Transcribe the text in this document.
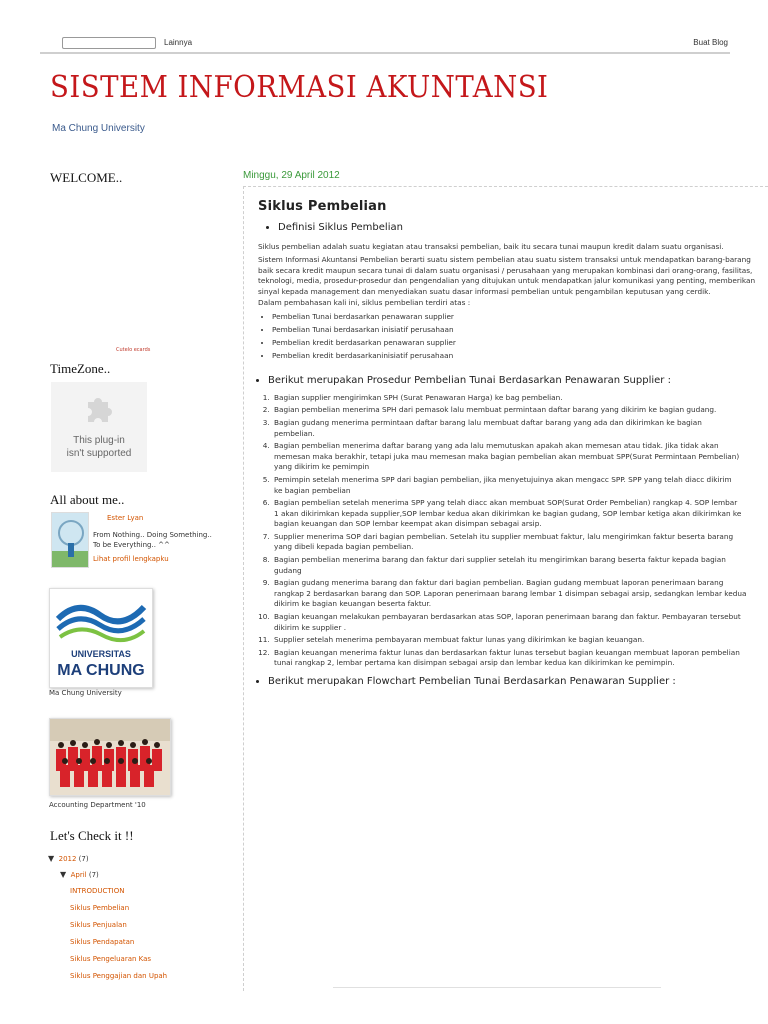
Lainnya	Buat Blog
SISTEM INFORMASI AKUNTANSI
Ma Chung University
WELCOME..
Cutelo ecards
TimeZone..
This plug-in
isn't supported
All about me..
Ester Lyan
From Nothing.. Doing Something..
To be Everything.. ^^
Lihat profil lengkapku
UNIVERSITAS
MA CHUNG
Ma Chung University
Accounting Department '10
Let's Check it !!
▼ 2012 (7)
▼ April (7)
INTRODUCTION
Siklus Pembelian
Siklus Penjualan
Siklus Pendapatan
Siklus Pengeluaran Kas
Siklus Penggajian dan Upah
Minggu, 29 April 2012
Siklus Pembelian
• Definisi Siklus Pembelian
Siklus pembelian adalah suatu kegiatan atau transaksi pembelian, baik itu secara tunai maupun kredit dalam suatu organisasi.
Sistem Informasi Akuntansi Pembelian berarti suatu sistem pembelian atau suatu sistem transaksi untuk mendapatkan barang-barang
baik secara kredit maupun secara tunai di dalam suatu organisasi / perusahaan yang merupakan kombinasi dari orang-orang, fasilitas,
teknologi, media, prosedur-prosedur dan pengendalian yang ditujukan untuk mendapatkan jalur komunikasi yang penting, memberikan
sinyal kepada management dan menyediakan suatu dasar informasi pembelian untuk pengambilan keputusan yang cerdik.
Dalam pembahasan kali ini, siklus pembelian terdiri atas :
• Pembelian Tunai berdasarkan penawaran supplier
• Pembelian Tunai berdasarkan inisiatif perusahaan
• Pembelian kredit berdasarkan penawaran supplier
• Pembelian kredit berdasarkaninisiatif perusahaan
• Berikut merupakan Prosedur Pembelian Tunai Berdasarkan Penawaran Supplier :
1. Bagian supplier mengirimkan SPH (Surat Penawaran Harga) ke bag pembelian.
2. Bagian pembelian menerima SPH dari pemasok lalu membuat permintaan daftar barang yang dikirim ke bagian gudang.
3. Bagian gudang menerima permintaan daftar barang lalu membuat daftar barang yang ada dan dikirimkan ke bagian
pembelian.
4. Bagian pembelian menerima daftar barang yang ada lalu memutuskan apakah akan memesan atau tidak. Jika tidak akan
memesan maka berakhir, tetapi juka mau memesan maka bagian pembelian akan membuat SPP(Surat Permintaan Pembelian)
yang dikirim ke pemimpin
5. Pemimpin setelah menerima SPP dari bagian pembelian, jika menyetujuinya akan mengacc SPP. SPP yang telah diacc dikirim
ke bagian pembelian
6. Bagian pembelian setelah menerima SPP yang telah diacc akan membuat SOP(Surat Order Pembelian) rangkap 4. SOP lembar
1 akan dikirimkan kepada supplier,SOP lembar kedua akan dikirimkan ke bagian gudang, SOP lembar ketiga akan dikirimkan ke
bagian keuangan dan SOP lembar keempat akan disimpan sebagai arsip.
7. Supplier menerima SOP dari bagian pembelian. Setelah itu supplier membuat faktur, lalu mengirimkan faktur beserta barang
yang dibeli kepada bagian pembelian.
8. Bagian pembelian menerima barang dan faktur dari supplier setelah itu mengirimkan barang beserta faktur kepada bagian
gudang
9. Bagian gudang menerima barang dan faktur dari bagian pembelian. Bagian gudang membuat laporan penerimaan barang
rangkap 2 berdasarkan barang dan SOP. Laporan penerimaan barang lembar 1 disimpan sebagai arsip, sedangkan lembar kedua
dikirim ke bagian keuangan beserta faktur.
10. Bagian keuangan melakukan pembayaran berdasarkan atas SOP, laporan penerimaan barang dan faktur. Pembayaran tersebut
dikirim ke supplier .
11. Supplier setelah menerima pembayaran membuat faktur lunas yang dikirimkan ke bagian keuangan.
12. Bagian keuangan menerima faktur lunas dan berdasarkan faktur lunas tersebut bagian keuangan membuat laporan pembelian
tunai rangkap 2, lembar pertama kan disimpan sebagai arsip dan lembar kedua kan dikirimkan ke pemimpin.
• Berikut merupakan Flowchart Pembelian Tunai Berdasarkan Penawaran Supplier :
